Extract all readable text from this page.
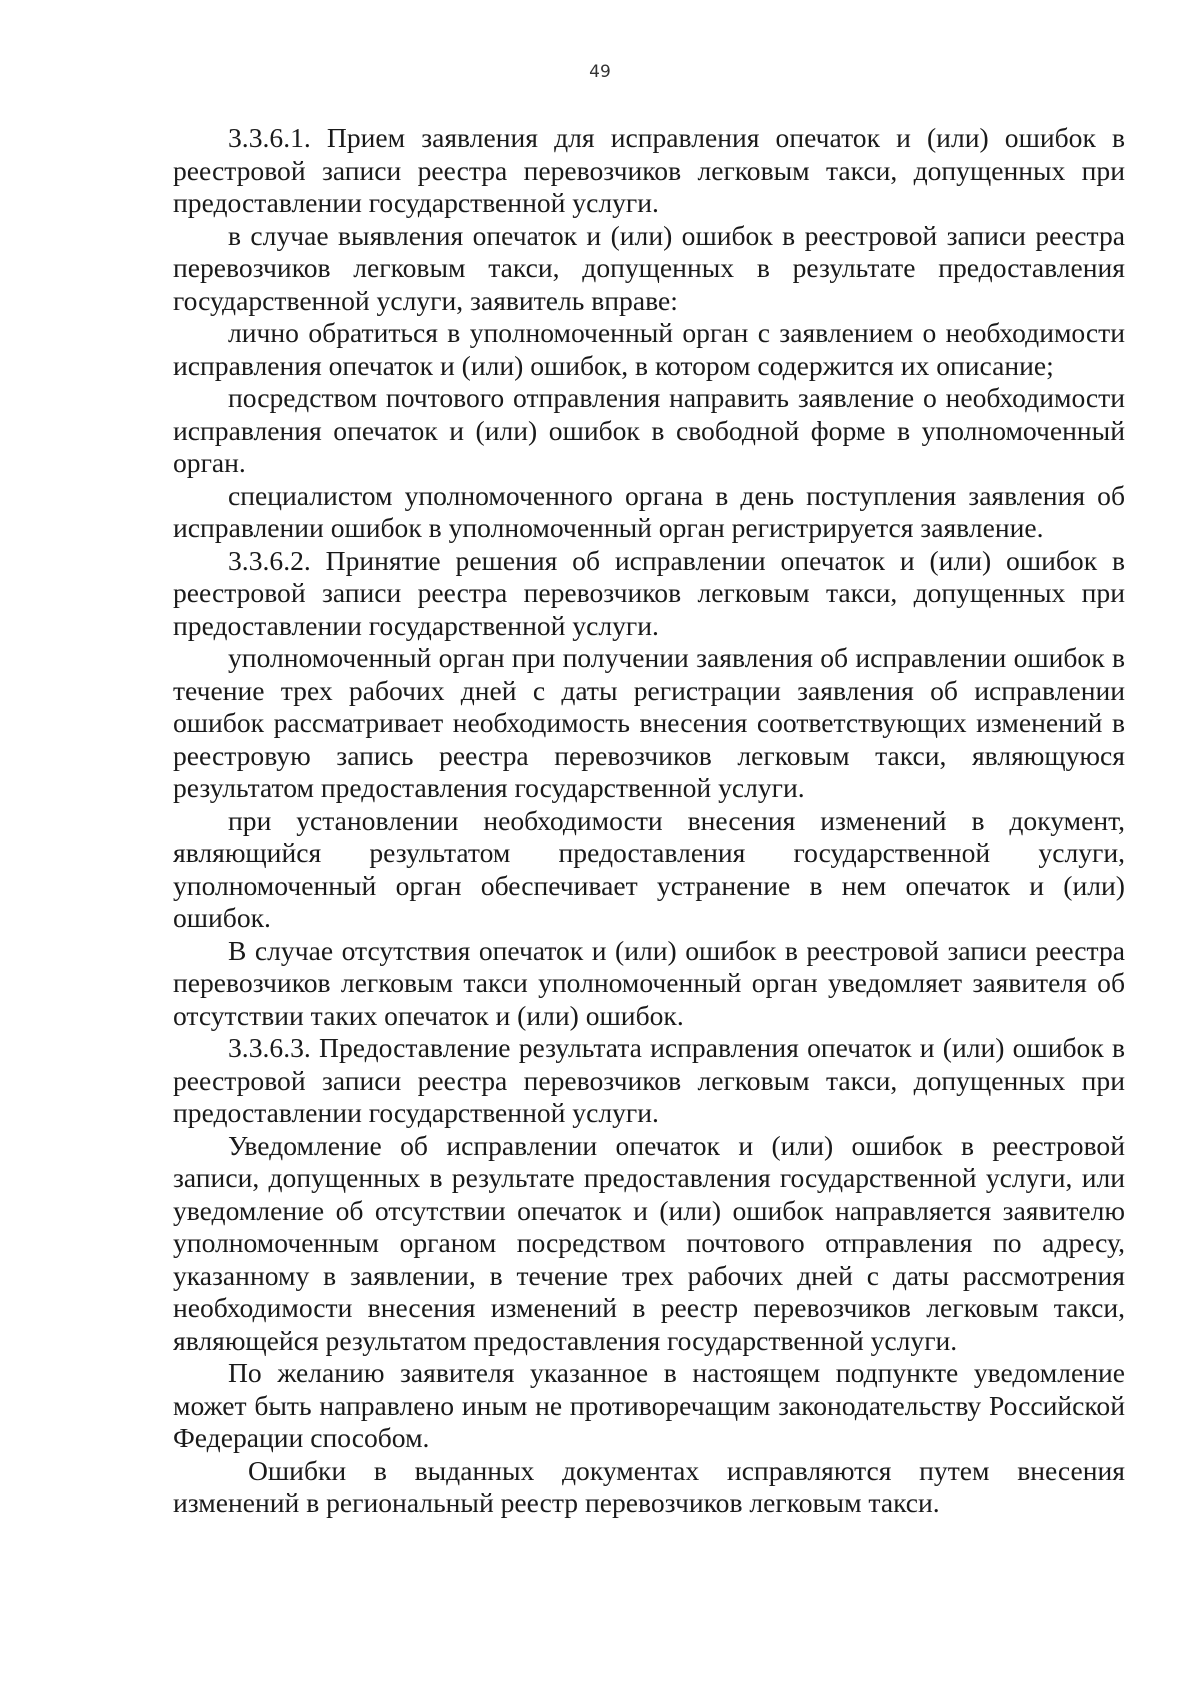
49

3.3.6.1. Прием заявления для исправления опечаток и (или) ошибок в реестровой записи реестра перевозчиков легковым такси, допущенных при предоставлении государственной услуги.

в случае выявления опечаток и (или) ошибок в реестровой записи реестра перевозчиков легковым такси, допущенных в результате предоставления государственной услуги, заявитель вправе:

лично обратиться в уполномоченный орган с заявлением о необходимости исправления опечаток и (или) ошибок, в котором содержится их описание;

посредством почтового отправления направить заявление о необходимости исправления опечаток и (или) ошибок в свободной форме в уполномоченный орган.

специалистом уполномоченного органа в день поступления заявления об исправлении ошибок в уполномоченный орган регистрируется заявление.

3.3.6.2. Принятие решения об исправлении опечаток и (или) ошибок в реестровой записи реестра перевозчиков легковым такси, допущенных при предоставлении государственной услуги.

уполномоченный орган при получении заявления об исправлении ошибок в течение трех рабочих дней с даты регистрации заявления об исправлении ошибок рассматривает необходимость внесения соответствующих изменений в реестровую запись реестра перевозчиков легковым такси, являющуюся результатом предоставления государственной услуги.

при установлении необходимости внесения изменений в документ, являющийся результатом предоставления государственной услуги, уполномоченный орган обеспечивает устранение в нем опечаток и (или) ошибок.

В случае отсутствия опечаток и (или) ошибок в реестровой записи реестра перевозчиков легковым такси уполномоченный орган уведомляет заявителя об отсутствии таких опечаток и (или) ошибок.

3.3.6.3. Предоставление результата исправления опечаток и (или) ошибок в реестровой записи реестра перевозчиков легковым такси, допущенных при предоставлении государственной услуги.

Уведомление об исправлении опечаток и (или) ошибок в реестровой записи, допущенных в результате предоставления государственной услуги, или уведомление об отсутствии опечаток и (или) ошибок направляется заявителю уполномоченным органом посредством почтового отправления по адресу, указанному в заявлении, в течение трех рабочих дней с даты рассмотрения необходимости внесения изменений в реестр перевозчиков легковым такси, являющейся результатом предоставления государственной услуги.

По желанию заявителя указанное в настоящем подпункте уведомление может быть направлено иным не противоречащим законодательству Российской Федерации способом.

Ошибки в выданных документах исправляются путем внесения изменений в региональный реестр перевозчиков легковым такси.
